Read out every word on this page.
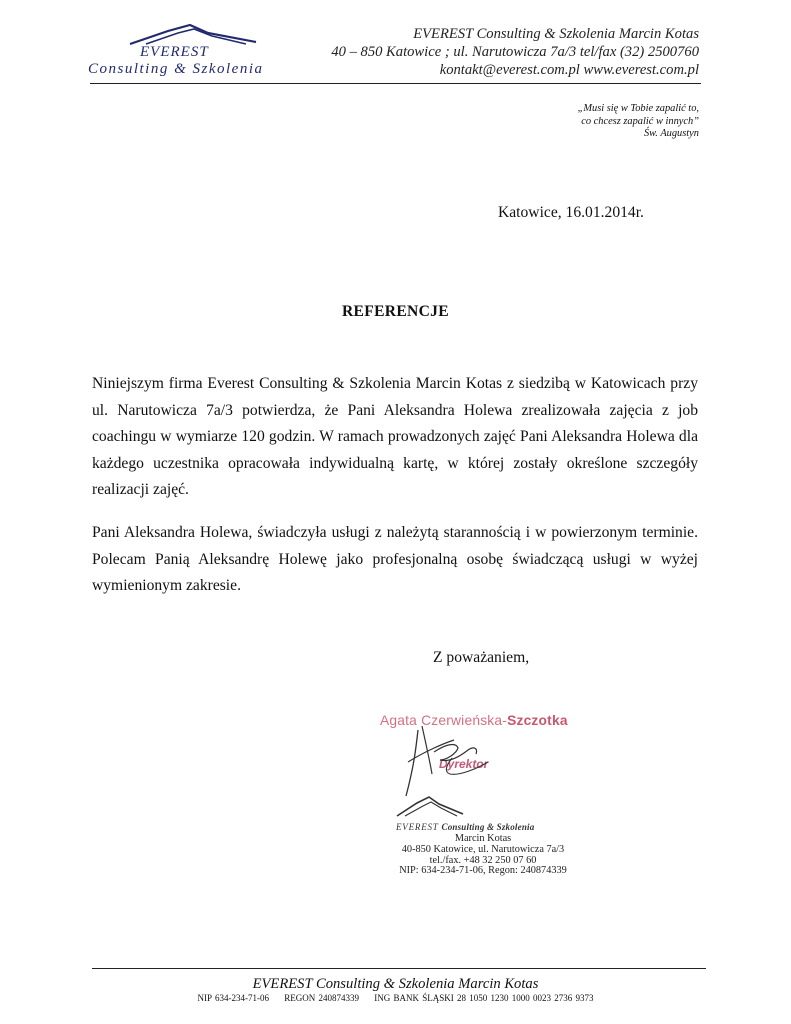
EVEREST
Consulting & Szkolenia
EVEREST Consulting & Szkolenia Marcin Kotas
40 – 850 Katowice ; ul. Narutowicza 7a/3 tel/fax (32) 2500760
kontakt@everest.com.pl www.everest.com.pl
„Musi się w Tobie zapalić to,
co chcesz zapalić w innych”
Św. Augustyn
Katowice, 16.01.2014r.
REFERENCJE
Niniejszym firma Everest Consulting & Szkolenia Marcin Kotas z siedzibą w Katowicach przy ul. Narutowicza 7a/3 potwierdza, że Pani Aleksandra Holewa zrealizowała zajęcia z job coachingu w wymiarze 120 godzin. W ramach prowadzonych zajęć Pani Aleksandra Holewa dla każdego uczestnika opracowała indywidualną kartę, w której zostały określone szczegóły realizacji zajęć.
Pani Aleksandra Holewa, świadczyła usługi z należytą starannością i w powierzonym terminie. Polecam Panią Aleksandrę Holewę jako profesjonalną osobę świadczącą usługi w wyżej wymienionym zakresie.
Z poważaniem,
Agata Czerwieńska-Szczotka
Dyrektor
EVEREST Consulting & Szkolenia
Marcin Kotas
40-850 Katowice, ul. Narutowicza 7a/3
tel./fax. +48 32 250 07 60
NIP: 634-234-71-06, Regon: 240874339
EVEREST Consulting & Szkolenia Marcin Kotas
NIP 634-234-71-06 REGON 240874339 ING BANK ŚLĄSKI 28 1050 1230 1000 0023 2736 9373
